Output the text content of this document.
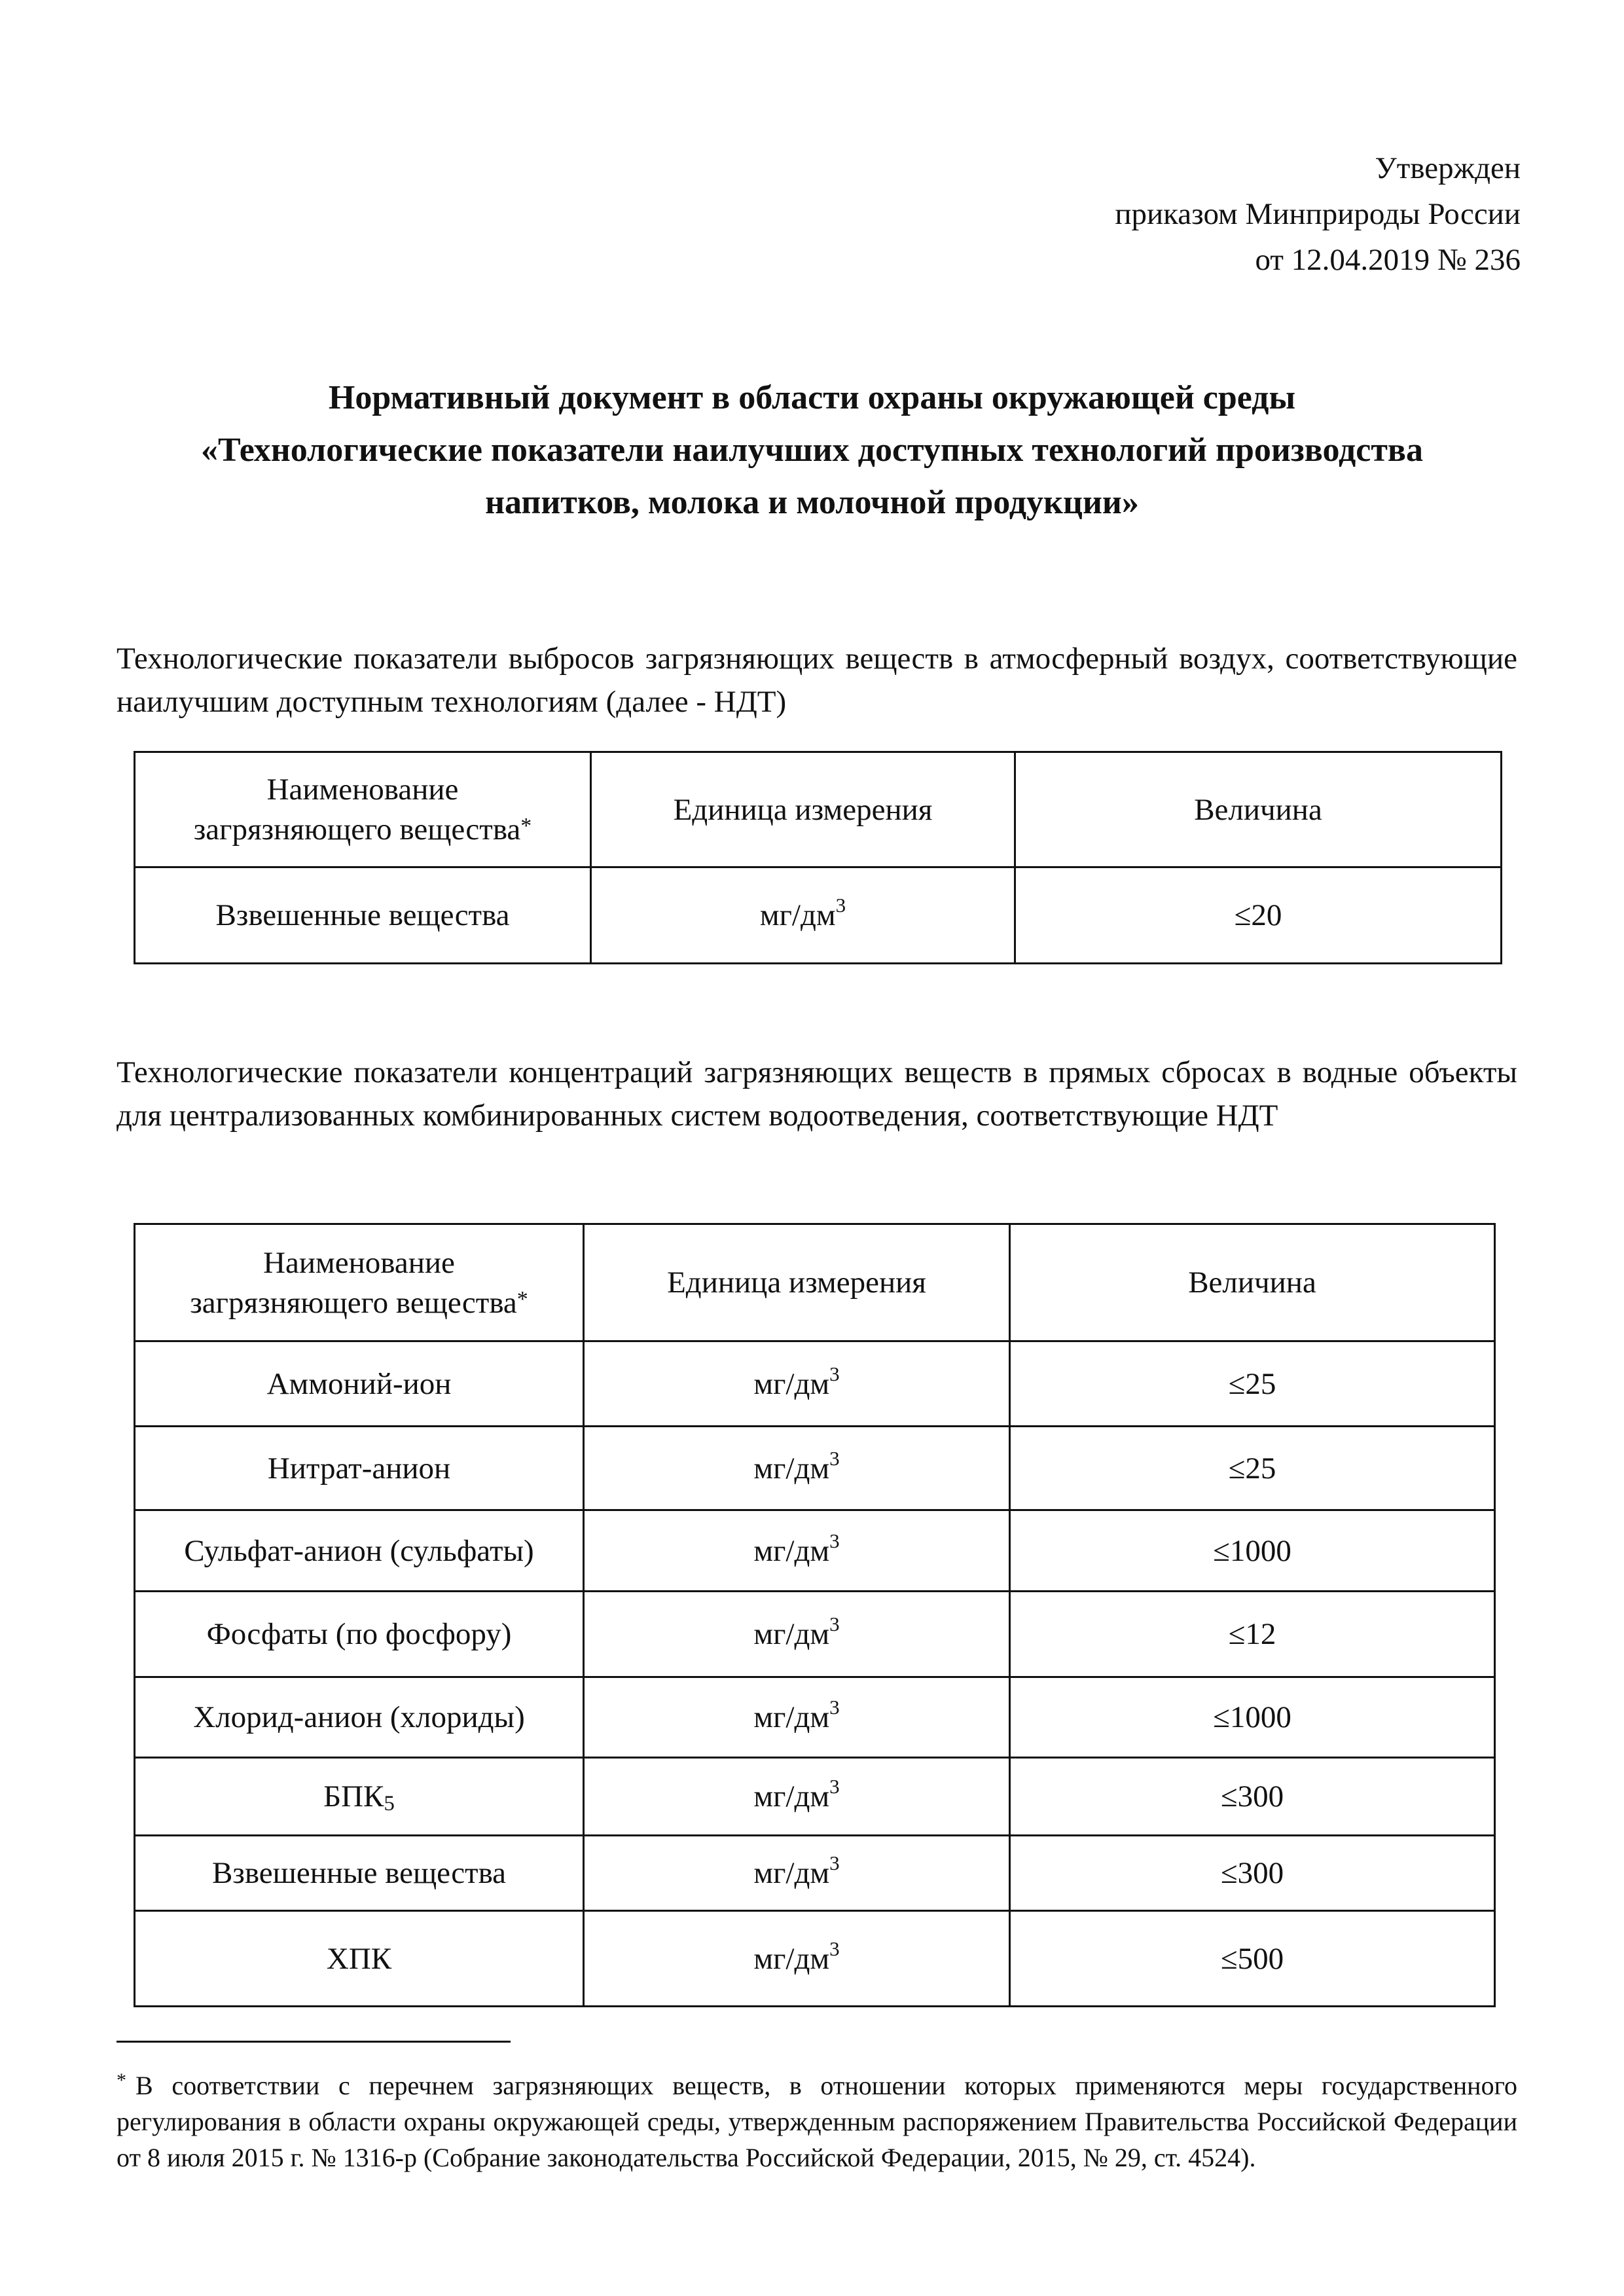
Утвержден
приказом Минприроды России
от 12.04.2019 № 236
Нормативный документ в области охраны окружающей среды
«Технологические показатели наилучших доступных технологий производства
напитков, молока и молочной продукции»
Технологические показатели выбросов загрязняющих веществ в атмосферный воздух, соответствующие наилучшим доступным технологиям (далее - НДТ)
Наименование
загрязняющего вещества*	Единица измерения	Величина
Взвешенные вещества	$мг/дм^3$	≤20
Технологические показатели концентраций загрязняющих веществ в прямых сбросах в водные объекты для централизованных комбинированных систем водоотведения, соответствующие НДТ
Наименование
загрязняющего вещества*	Единица измерения	Величина
Аммоний-ион	$мг/дм^3$	≤25
Нитрат-анион	$мг/дм^3$	≤25
Сульфат-анион (сульфаты)	$мг/дм^3$	≤1000
Фосфаты (по фосфору)	$мг/дм^3$	≤12
Хлорид-анион (хлориды)	$мг/дм^3$	≤1000
$БПК_5$	$мг/дм^3$	≤300
Взвешенные вещества	$мг/дм^3$	≤300
ХПК	$мг/дм^3$	≤500
* В соответствии с перечнем загрязняющих веществ, в отношении которых применяются меры государственного регулирования в области охраны окружающей среды, утвержденным распоряжением Правительства Российской Федерации от 8 июля 2015 г. № 1316-р (Собрание законодательства Российской Федерации, 2015, № 29, ст. 4524).
